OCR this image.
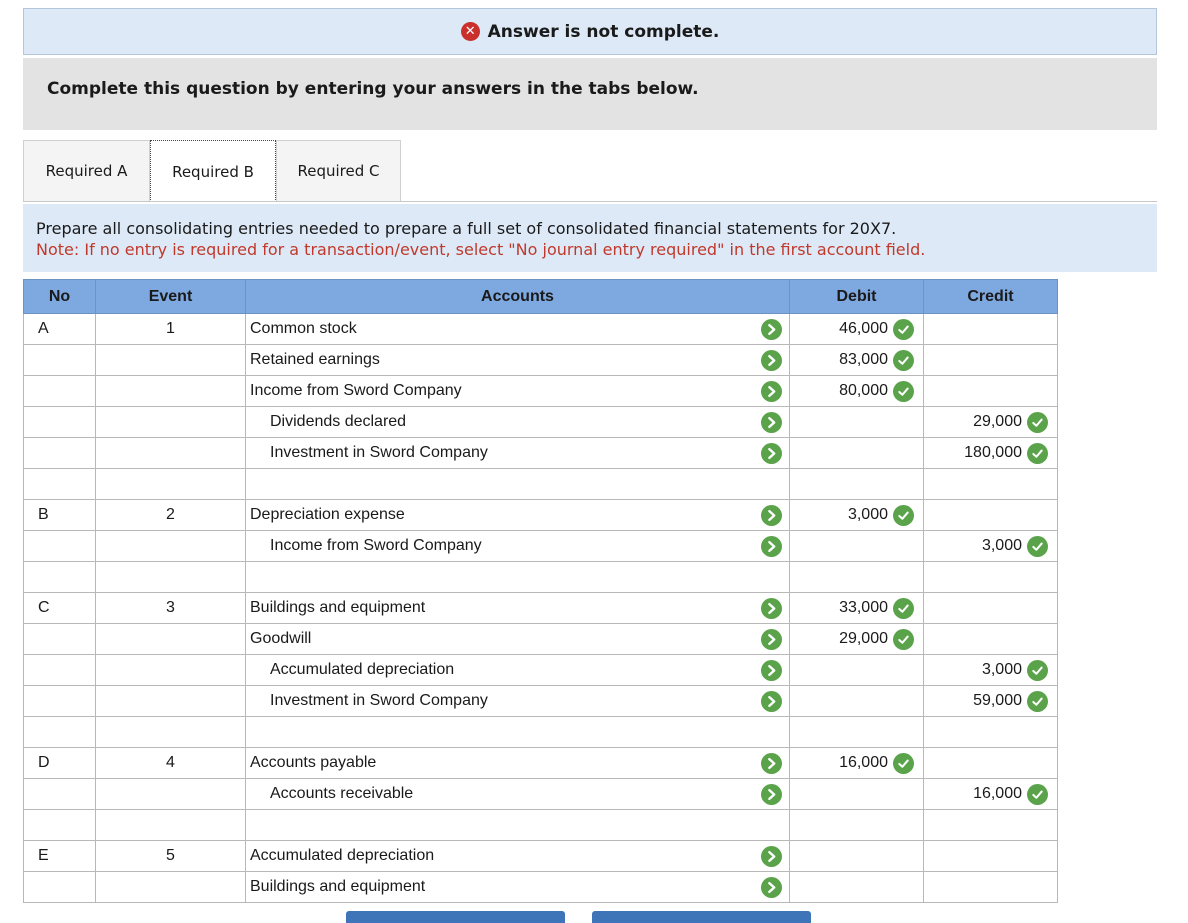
✕ Answer is not complete.
Complete this question by entering your answers in the tabs below.
Required A	Required B	Required C
Prepare all consolidating entries needed to prepare a full set of consolidated financial statements for 20X7.
Note: If no entry is required for a transaction/event, select "No journal entry required" in the first account field.
No	Event	Accounts	Debit	Credit
A	1	Common stock	46,000	

		Retained earnings	83,000	

		Income from Sword Company	80,000	

		Dividends declared		29,000

		Investment in Sword Company		180,000

B	2	Depreciation expense	3,000	

		Income from Sword Company		3,000

C	3	Buildings and equipment	33,000	

		Goodwill	29,000	

		Accumulated depreciation		3,000

		Investment in Sword Company		59,000

D	4	Accounts payable	16,000	

		Accounts receivable		16,000

E	5	Accumulated depreciation		

		Buildings and equipment		
